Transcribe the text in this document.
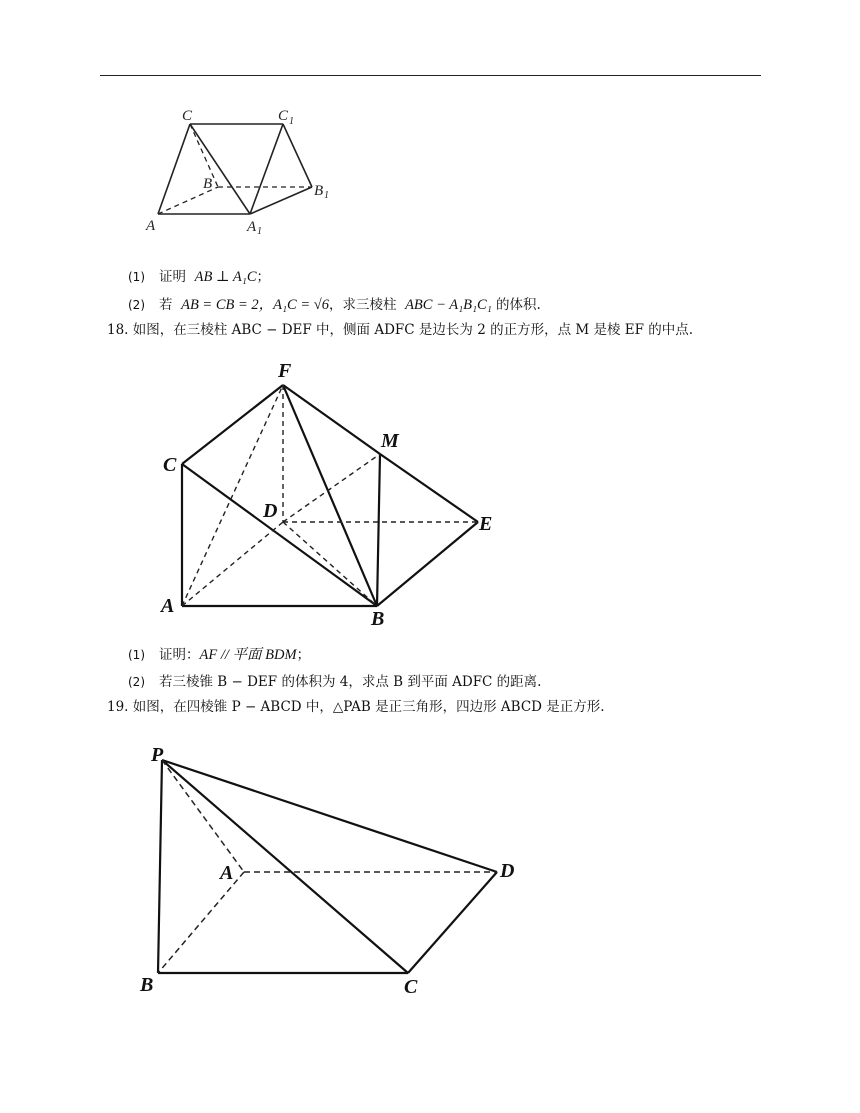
C	C 1
B	B 1
A	A 1
(1) 证明 AB ⊥ A₁C；
(2) 若 AB = CB = 2，A₁C = √6，求三棱柱 ABC − A₁B₁C₁ 的体积.
18. 如图，在三棱柱 ABC − DEF 中，侧面 ADFC 是边长为 2 的正方形，点 M 是棱 EF 的中点.
F
C
M
D
E
A
B
(1) 证明：AF // 平面 BDM；
(2) 若三棱锥 B − DEF 的体积为 4，求点 B 到平面 ADFC 的距离.
19. 如图，在四棱锥 P − ABCD 中，△PAB 是正三角形，四边形 ABCD 是正方形.
P
A	D
B	C
